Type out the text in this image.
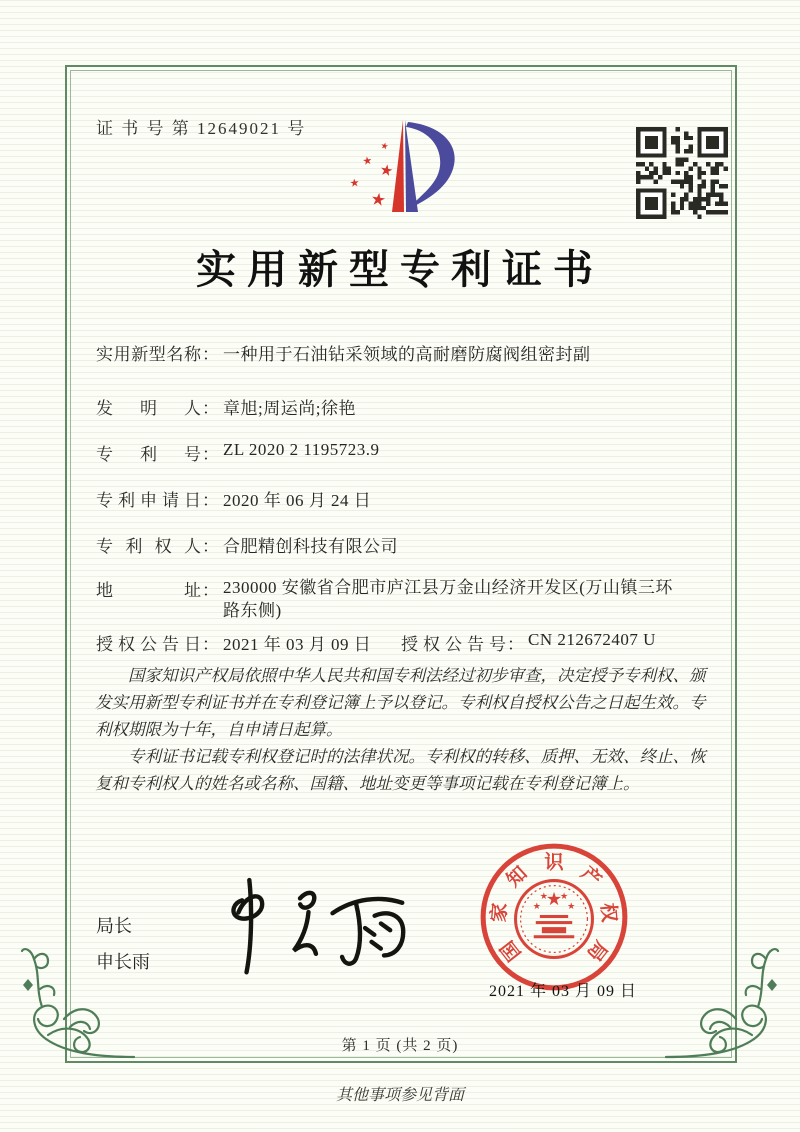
证 书 号 第 12649021 号
★
★ ★
★
★
实用新型专利证书
实用新型名称 ： 一种用于石油钻采领域的高耐磨防腐阀组密封副
发明人 ： 章旭;周运尚;徐艳
专利号 ： ZL 2020 2 1195723.9
专利申请日 ： 2020 年 06 月 24 日
专利权人 ： 合肥精创科技有限公司
地址 ： 230000 安徽省合肥市庐江县万金山经济开发区(万山镇三环路东侧)
授权公告日 ： 2021 年 03 月 09 日 授权公告号 ： CN 212672407 U

国家知识产权局依照中华人民共和国专利法经过初步审查，决定授予专利权、颁发实用新型专利证书并在专利登记簿上予以登记。专利权自授权公告之日起生效。专利权期限为十年，自申请日起算。

专利证书记载专利权登记时的法律状况。专利权的转移、质押、无效、终止、恢复和专利权人的姓名或名称、国籍、地址变更等事项记载在专利登记簿上。

局长
申长雨	国
家
知
识
产
权
局
★
★
★ ★
★
2021 年 03 月 09 日
第 1 页 (共 2 页)
其他事项参见背面
